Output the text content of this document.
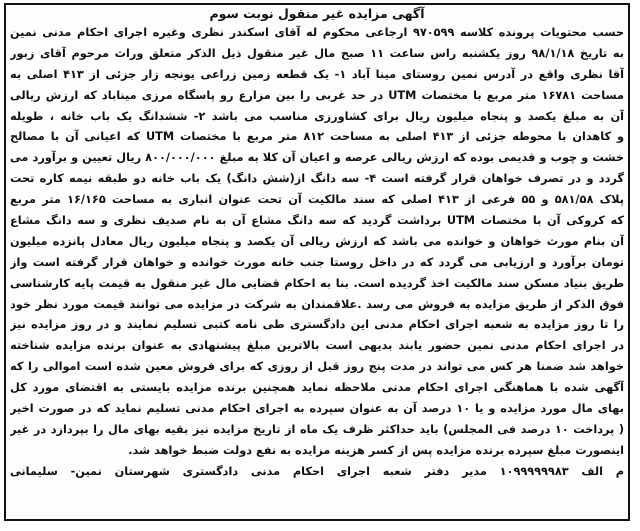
آگهی مزایده غیر منقول نوبت سوم
حسب محتویات پرونده کلاسه ۹۷۰۵۹۹ ارجاعی محکوم له آقای اسکندر نظری وغیره اجرای احکام مدنی نمین
به تاریخ ۹۸/۱/۱۸ روز یکشنبه راس ساعت ۱۱ صبح مال غیر منقول ذیل الذکر متعلق وراث مرحوم آقای زبور
آقا نظری واقع در آدرس نمین روستای مینا آباد ۱- یک قطعه زمین زراعی یونجه زار جزئی از ۴۱۳ اصلی به
مساحت ۱۶۷۸۱ متر مربع با مختصات UTM در حد غربی را بین مزارع رو پاسگاه مرزی میناباد که ارزش ریالی
آن به مبلغ یکصد و پنجاه میلیون ریال برای کشاورزی مناسب می باشد ۲- ششدانگ یک باب خانه ، طویله
و کاهدان با محوطه جزئی از ۴۱۳ اصلی به مساحت ۸۱۲ متر مربع با مختصات UTM که اعیانی آن با مصالح
خشت و چوب و قدیمی بوده که ارزش ریالی عرصه و اعیان آن کلا به مبلغ ۸۰۰/۰۰۰/۰۰۰ ریال تعیین و برآورد می
گردد و در تصرف خواهان قرار گرفته است ۴- سه دانگ از(شش دانگ) یک باب خانه دو طبقه نیمه کاره تحت
پلاک ۵۸۱/۵۸ و ۵۵ فرعی از ۴۱۳ اصلی که سند مالکیت آن تحت عنوان انباری به مساحت ۱۶/۱۶۵ متر مربع
که کروکی آن با مختصات UTM برداشت گردید که سه دانگ مشاع آن به نام صدیف نظری و سه دانگ مشاع
آن بنام مورث خواهان و خوانده می باشد که ارزش ریالی آن یکصد و پنجاه میلیون ریال معادل پانزده میلیون
تومان برآورد و ارزیابی می گردد که در داخل روستا جنب خانه مورث خوانده و خواهان قرار گرفته است واز
طریق بنیاد مسکن سند مالکیت اخذ گردیده است. بنا به احکام قضایی مال غیر منقول به قیمت پایه کارشناسی
فوق الذکر از طریق مزایده به فروش می رسد .علاقمندان به شرکت در مزایده می توانند قیمت مورد نظر خود
را تا روز مزایده به شعبه اجرای احکام مدنی این دادگستری طی نامه کتبی تسلیم نمایند و در روز مزایده نیز
در اجرای احکام مدنی نمین حضور یابند بدیهی است بالاترین مبلغ پیشنهادی به عنوان برنده مزایده شناخته
خواهد شد ضمنا هر کس می تواند در مدت پنج روز قبل از روزی که برای فروش معین شده است اموالی را که
آگهی شده با هماهنگی اجرای احکام مدنی ملاحظه نماید همچنین برنده مزایده بایستی به اقتضای مورد کل
بهای مال مورد مزایده و یا ۱۰ درصد آن به عنوان سپرده به اجرای احکام مدنی تسلیم نماید که در صورت اخیر
( پرداخت ۱۰ درصد فی المجلس) باید حداکثر ظرف یک ماه از تاریخ مزایده نیز بقیه بهای مال را بپردازد در غیر
اینصورت مبلغ سپرده برنده مزایده پس از کسر هزینه مزایده به نفع دولت ضبط خواهد شد.
م الف ۱۰۹۹۹۹۹۹۸۳ مدیر دفتر شعبه اجرای احکام مدنی دادگستری شهرستان نمین- سلیمانی
